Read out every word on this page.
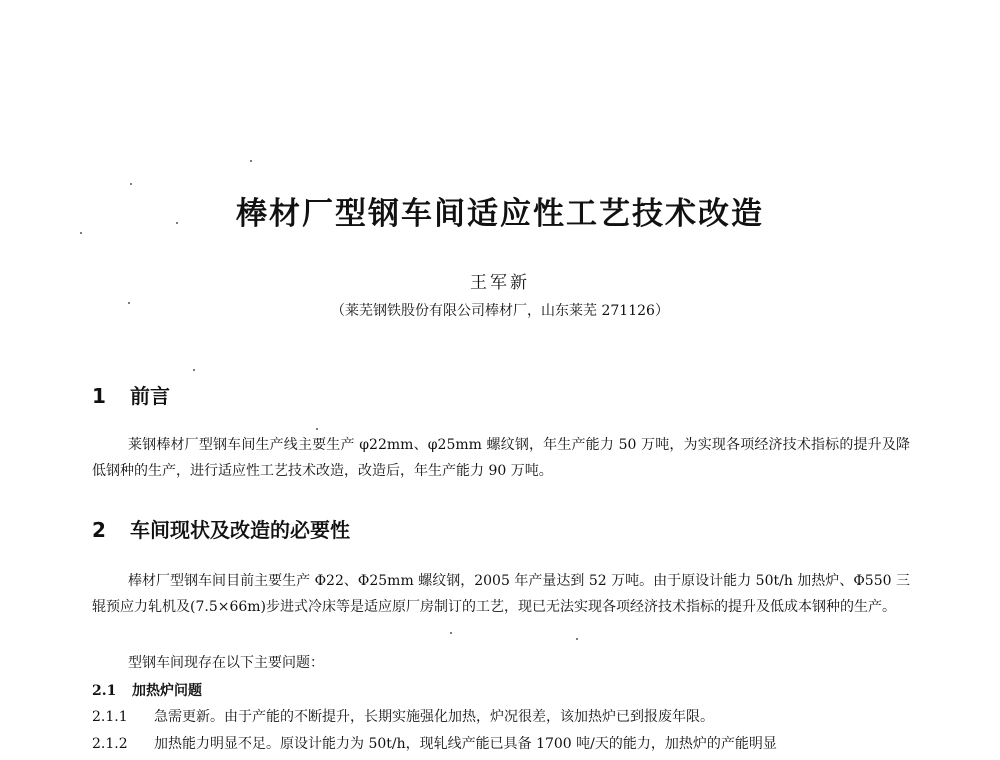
棒材厂型钢车间适应性工艺技术改造
王军新
（莱芜钢铁股份有限公司棒材厂，山东莱芜 271126）
1 前言
莱钢棒材厂型钢车间生产线主要生产 φ22mm、φ25mm 螺纹钢，年生产能力 50 万吨，为实现各项经济技术指标的提升及降低钢种的生产，进行适应性工艺技术改造，改造后，年生产能力 90 万吨。
2 车间现状及改造的必要性
棒材厂型钢车间目前主要生产 Φ22、Φ25mm 螺纹钢，2005 年产量达到 52 万吨。由于原设计能力 50t/h 加热炉、Φ550 三辊预应力轧机及(7.5×66m)步进式冷床等是适应原厂房制订的工艺，现已无法实现各项经济技术指标的提升及低成本钢种的生产。
型钢车间现存在以下主要问题：
2.1 加热炉问题
2.1.1 急需更新。由于产能的不断提升，长期实施强化加热，炉况很差，该加热炉已到报废年限。
2.1.2 加热能力明显不足。原设计能力为 50t/h，现轧线产能已具备 1700 吨/天的能力，加热炉的产能明显
